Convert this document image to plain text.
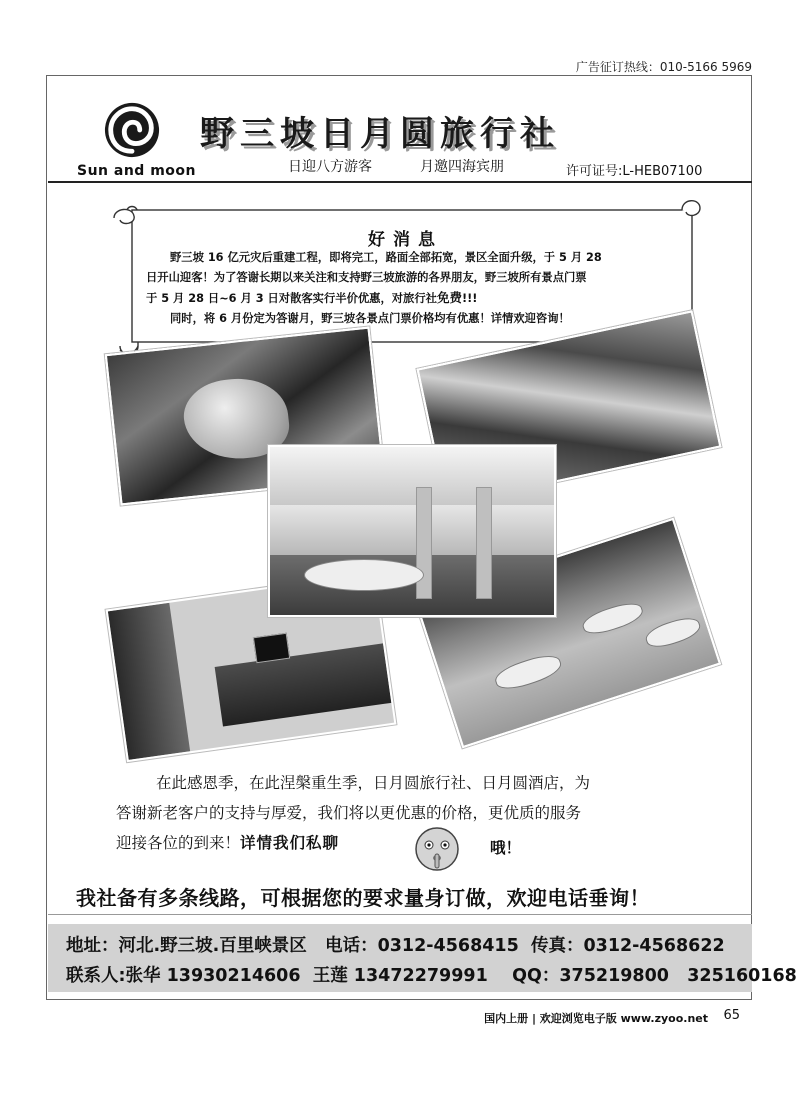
广告征订热线：010-5166 5969
Sun and moon
野三坡日月圆旅行社
日迎八方游客	月邀四海宾朋	许可证号:L-HEB07100
好消息

野三坡 16 亿元灾后重建工程，即将完工，路面全部拓宽，景区全面升级，于 5 月 28
日开山迎客！为了答谢长期以来关注和支持野三坡旅游的各界朋友，野三坡所有景点门票
于 5 月 28 日~6 月 3 日对散客实行半价优惠，对旅行社免费!!!
同时，将 6 月份定为答谢月，野三坡各景点门票价格均有优惠！详情欢迎咨询！

在此感恩季，在此涅槃重生季，日月圆旅行社、日月圆酒店，为
答谢新老客户的支持与厚爱，我们将以更优惠的价格，更优质的服务
迎接各位的到来！详情我们私聊	哦！
我社备有多条线路，可根据您的要求量身订做，欢迎电话垂询！
地址：河北.野三坡.百里峡景区   电话：0312-4568415  传真：0312-4568622
联系人:张华 13930214606  王莲 13472279991    QQ：375219800   325160168
国内上册 | 欢迎浏览电子版 www.zyoo.net 65
